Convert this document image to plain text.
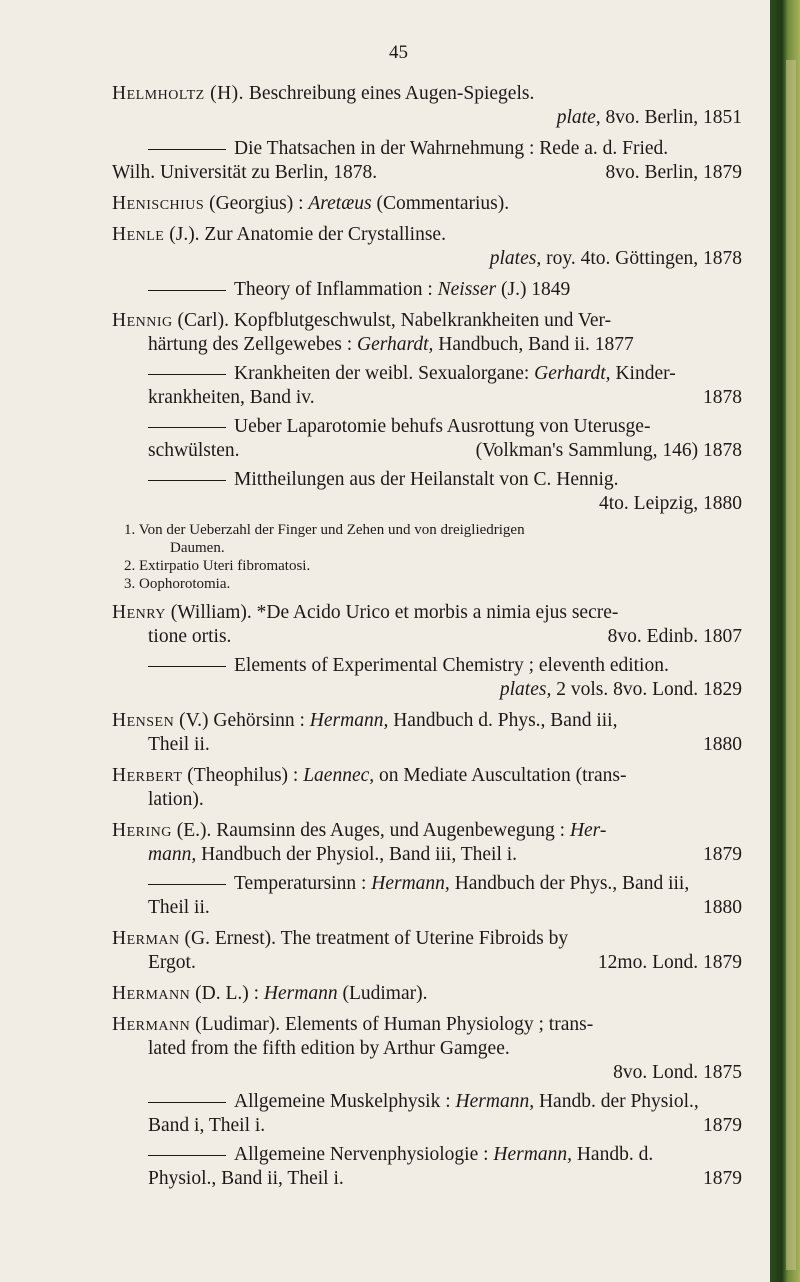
45
Helmholtz (H). Beschreibung eines Augen-Spiegels.
plate, 8vo. Berlin, 1851
Die Thatsachen in der Wahrnehmung : Rede a. d. Fried.
Wilh. Universität zu Berlin, 1878.	8vo. Berlin, 1879
Henischius (Georgius) : Aretæus (Commentarius).
Henle (J.). Zur Anatomie der Crystallinse.
plates, roy. 4to. Göttingen, 1878
Theory of Inflammation : Neisser (J.) 1849
Hennig (Carl). Kopfblutgeschwulst, Nabelkrankheiten und Ver-
härtung des Zellgewebes : Gerhardt, Handbuch, Band ii. 1877
Krankheiten der weibl. Sexualorgane: Gerhardt, Kinder-
krankheiten, Band iv.	1878
Ueber Laparotomie behufs Ausrottung von Uterusge-
schwülsten.	(Volkman's Sammlung, 146) 1878
Mittheilungen aus der Heilanstalt von C. Hennig.
4to. Leipzig, 1880
1. Von der Ueberzahl der Finger und Zehen und von dreigliedrigen
Daumen.
2. Extirpatio Uteri fibromatosi.
3. Oophorotomia.
Henry (William). *De Acido Urico et morbis a nimia ejus secre-
tione ortis.	8vo. Edinb. 1807
Elements of Experimental Chemistry ; eleventh edition.
plates, 2 vols. 8vo. Lond. 1829
Hensen (V.) Gehörsinn : Hermann, Handbuch d. Phys., Band iii,
Theil ii.	1880
Herbert (Theophilus) : Laennec, on Mediate Auscultation (trans-
lation).
Hering (E.). Raumsinn des Auges, und Augenbewegung : Her-
mann, Handbuch der Physiol., Band iii, Theil i.	1879
Temperatursinn : Hermann, Handbuch der Phys., Band iii,
Theil ii.	1880
Herman (G. Ernest). The treatment of Uterine Fibroids by
Ergot.	12mo. Lond. 1879
Hermann (D. L.) : Hermann (Ludimar).
Hermann (Ludimar). Elements of Human Physiology ; trans-
lated from the fifth edition by Arthur Gamgee.
8vo. Lond. 1875
Allgemeine Muskelphysik : Hermann, Handb. der Physiol.,
Band i, Theil i.	1879
Allgemeine Nervenphysiologie : Hermann, Handb. d.
Physiol., Band ii, Theil i.	1879
